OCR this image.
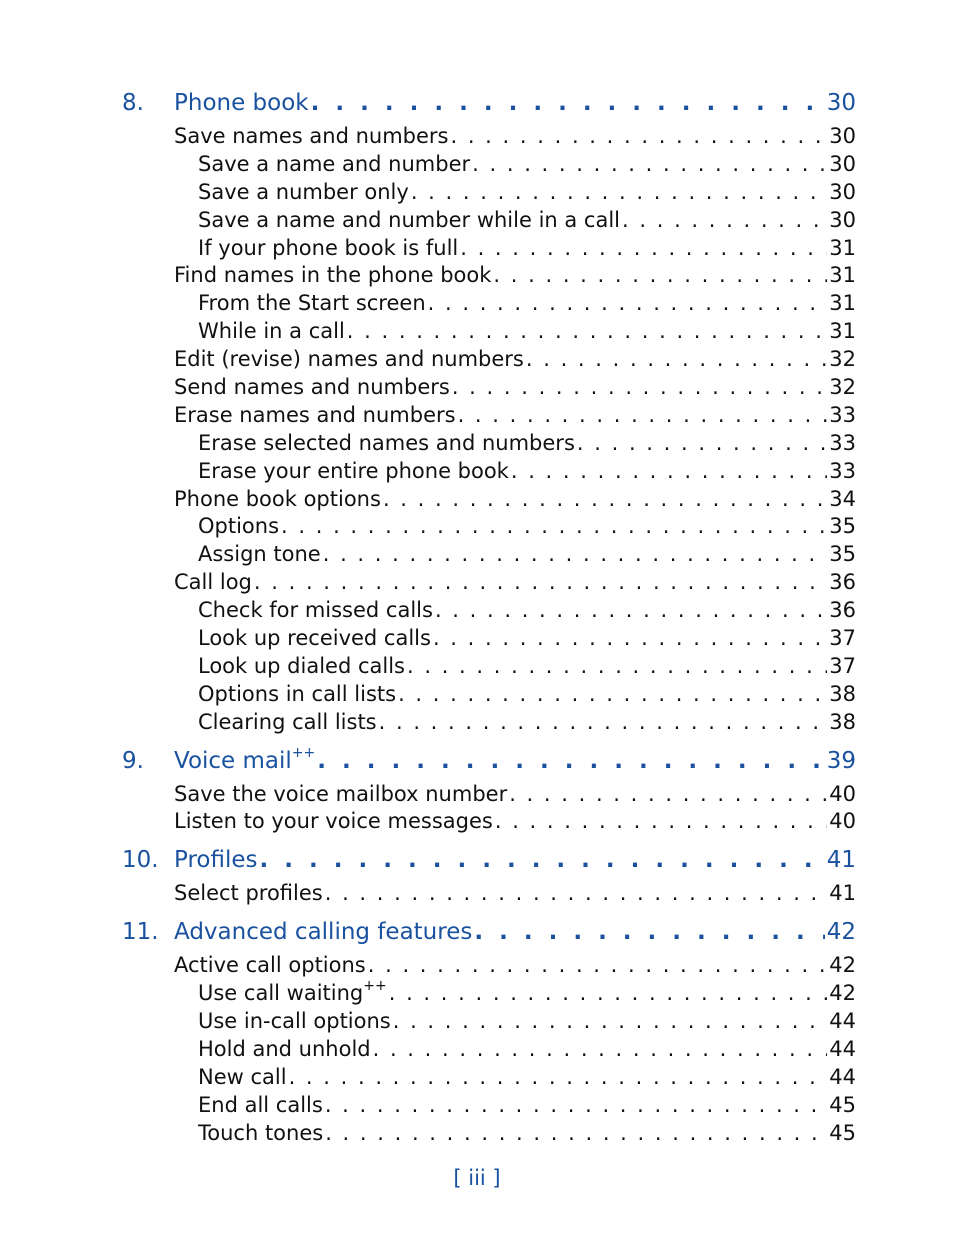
8.	Phone book . . .	30
Save names and numbers . . .	30
Save a name and number . . .	30
Save a number only . . .	30
Save a name and number while in a call . . .	30
If your phone book is full . . .	31
Find names in the phone book . . .	31
From the Start screen . . .	31
While in a call . . .	31
Edit (revise) names and numbers . . .	32
Send names and numbers . . .	32
Erase names and numbers . . .	33
Erase selected names and numbers . . .	33
Erase your entire phone book . . .	33
Phone book options . . .	34
Options . . .	35
Assign tone . . .	35
Call log . . .	36
Check for missed calls . . .	36
Look up received calls . . .	37
Look up dialed calls . . .	37
Options in call lists . . .	38
Clearing call lists . . .	38
9.	Voice mail++ . . .	39
Save the voice mailbox number . . .	40
Listen to your voice messages . . .	40
10. Profiles . . .	41
Select profiles . . .	41
11. Advanced calling features . . .	42
Active call options . . .	42
Use call waiting++ . . .	42
Use in-call options . . .	44
Hold and unhold . . .	44
New call . . .	44
End all calls . . .	45
Touch tones . . .	45
[ iii ]
